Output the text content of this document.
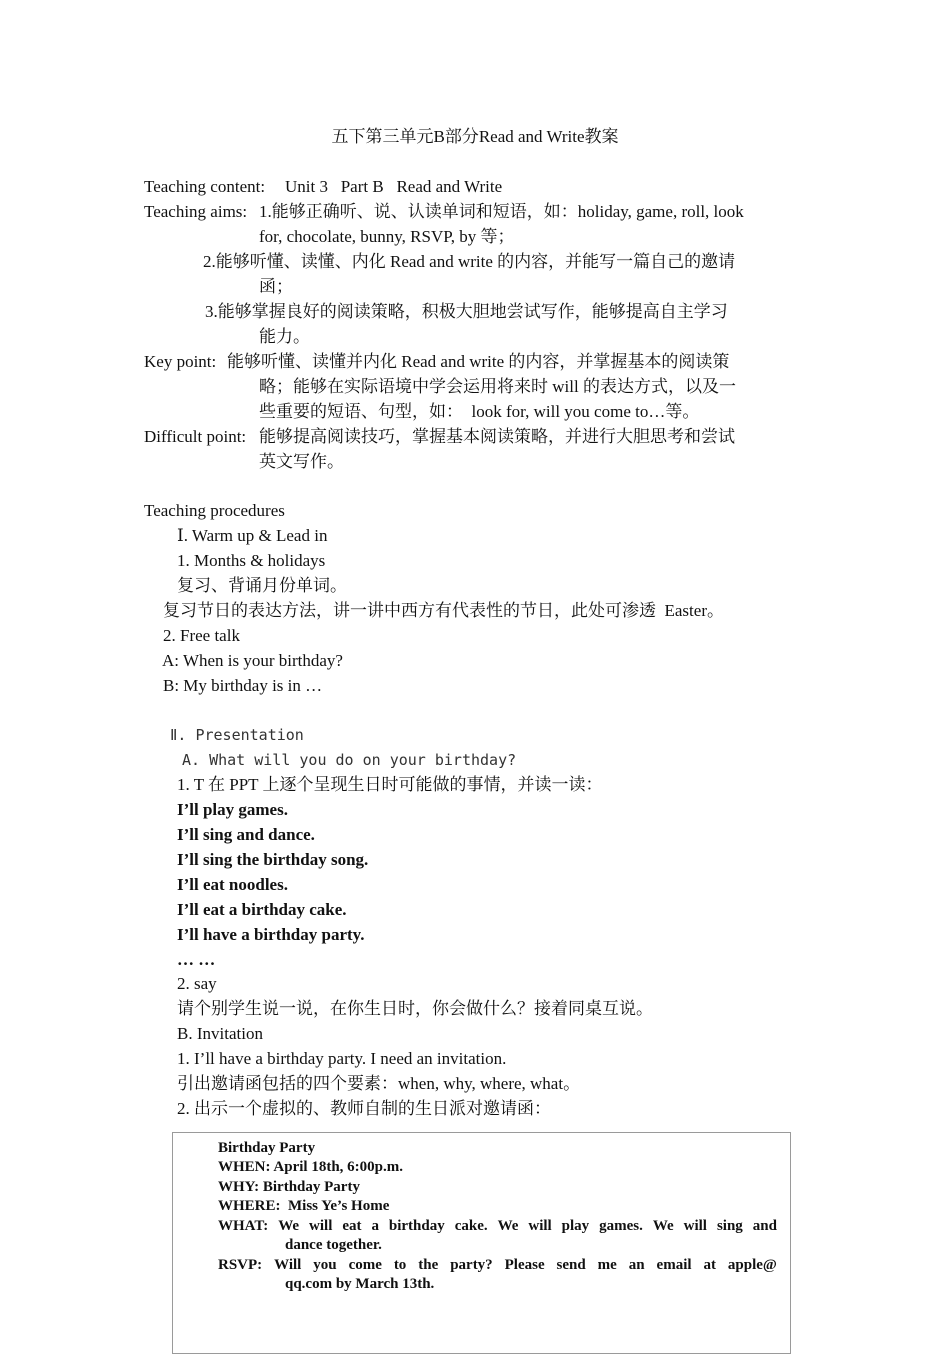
五下第三单元B部分Read and Write教案
Teaching content: Unit 3   Part B   Read and Write
Teaching aims: 1.能够正确听、说、认读单词和短语，如：holiday, game, roll, look
for, chocolate, bunny, RSVP, by 等；
2.能够听懂、读懂、内化 Read and write 的内容，并能写一篇自己的邀请
函；
3.能够掌握良好的阅读策略，积极大胆地尝试写作，能够提高自主学习
能力。
Key point: 能够听懂、读懂并内化 Read and write 的内容，并掌握基本的阅读策
略；能够在实际语境中学会运用将来时 will 的表达方式，以及一
些重要的短语、句型，如：  look for, will you come to…等。
Difficult point: 能够提高阅读技巧，掌握基本阅读策略，并进行大胆思考和尝试
英文写作。
Teaching procedures
Ⅰ. Warm up & Lead in
1. Months & holidays
复习、背诵月份单词。
复习节日的表达方法，讲一讲中西方有代表性的节日，此处可渗透  Easter。
2. Free talk
A: When is your birthday?
B: My birthday is in …
Ⅱ. Presentation
A. What will you do on your birthday?
1. T 在 PPT 上逐个呈现生日时可能做的事情，并读一读：
I’ll play games.
I’ll sing and dance.
I’ll sing the birthday song.
I’ll eat noodles.
I’ll eat a birthday cake.
I’ll have a birthday party.
… …
2. say
请个别学生说一说，在你生日时，你会做什么？接着同桌互说。
B. Invitation
1. I’ll have a birthday party. I need an invitation.
引出邀请函包括的四个要素：when, why, where, what。
2. 出示一个虚拟的、教师自制的生日派对邀请函：
Birthday Party
WHEN: April 18th, 6:00p.m.
WHY: Birthday Party
WHERE:  Miss Ye’s Home
WHAT: We will eat a birthday cake. We will play games. We will sing and
dance together.
RSVP: Will you come to the party? Please send me an email at apple@
qq.com by March 13th.
